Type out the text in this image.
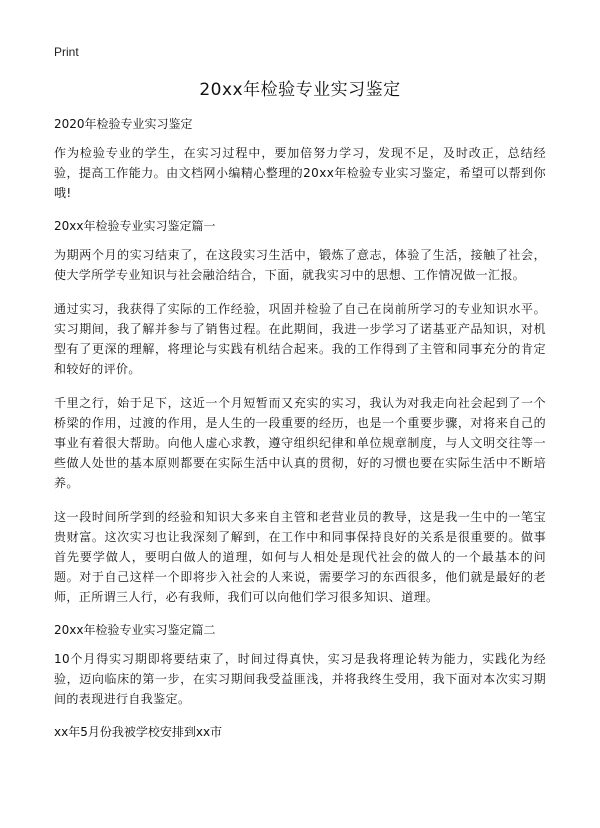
Print
20xx年检验专业实习鉴定
2020年检验专业实习鉴定
作为检验专业的学生，在实习过程中，要加倍努力学习，发现不足，及时改正，总结经验，提高工作能力。由文档网小编精心整理的20xx年检验专业实习鉴定，希望可以帮到你哦!
20xx年检验专业实习鉴定篇一
为期两个月的实习结束了，在这段实习生活中，锻炼了意志，体验了生活，接触了社会，使大学所学专业知识与社会融洽结合，下面，就我实习中的思想、工作情况做一汇报。
通过实习，我获得了实际的工作经验，巩固并检验了自己在岗前所学习的专业知识水平。实习期间，我了解并参与了销售过程。在此期间，我进一步学习了诺基亚产品知识，对机型有了更深的理解，将理论与实践有机结合起来。我的工作得到了主管和同事充分的肯定和较好的评价。
千里之行，始于足下，这近一个月短暂而又充实的实习，我认为对我走向社会起到了一个桥梁的作用，过渡的作用，是人生的一段重要的经历，也是一个重要步骤，对将来自己的事业有着很大帮助。向他人虚心求教，遵守组织纪律和单位规章制度，与人文明交往等一些做人处世的基本原则都要在实际生活中认真的贯彻，好的习惯也要在实际生活中不断培养。
这一段时间所学到的经验和知识大多来自主管和老营业员的教导，这是我一生中的一笔宝贵财富。这次实习也让我深刻了解到，在工作中和同事保持良好的关系是很重要的。做事首先要学做人，要明白做人的道理，如何与人相处是现代社会的做人的一个最基本的问题。对于自己这样一个即将步入社会的人来说，需要学习的东西很多，他们就是最好的老师，正所谓三人行，必有我师，我们可以向他们学习很多知识、道理。
20xx年检验专业实习鉴定篇二
10个月得实习期即将要结束了，时间过得真快，实习是我将理论转为能力，实践化为经验，迈向临床的第一步，在实习期间我受益匪浅，并将我终生受用，我下面对本次实习期间的表现进行自我鉴定。
xx年5月份我被学校安排到xx市
